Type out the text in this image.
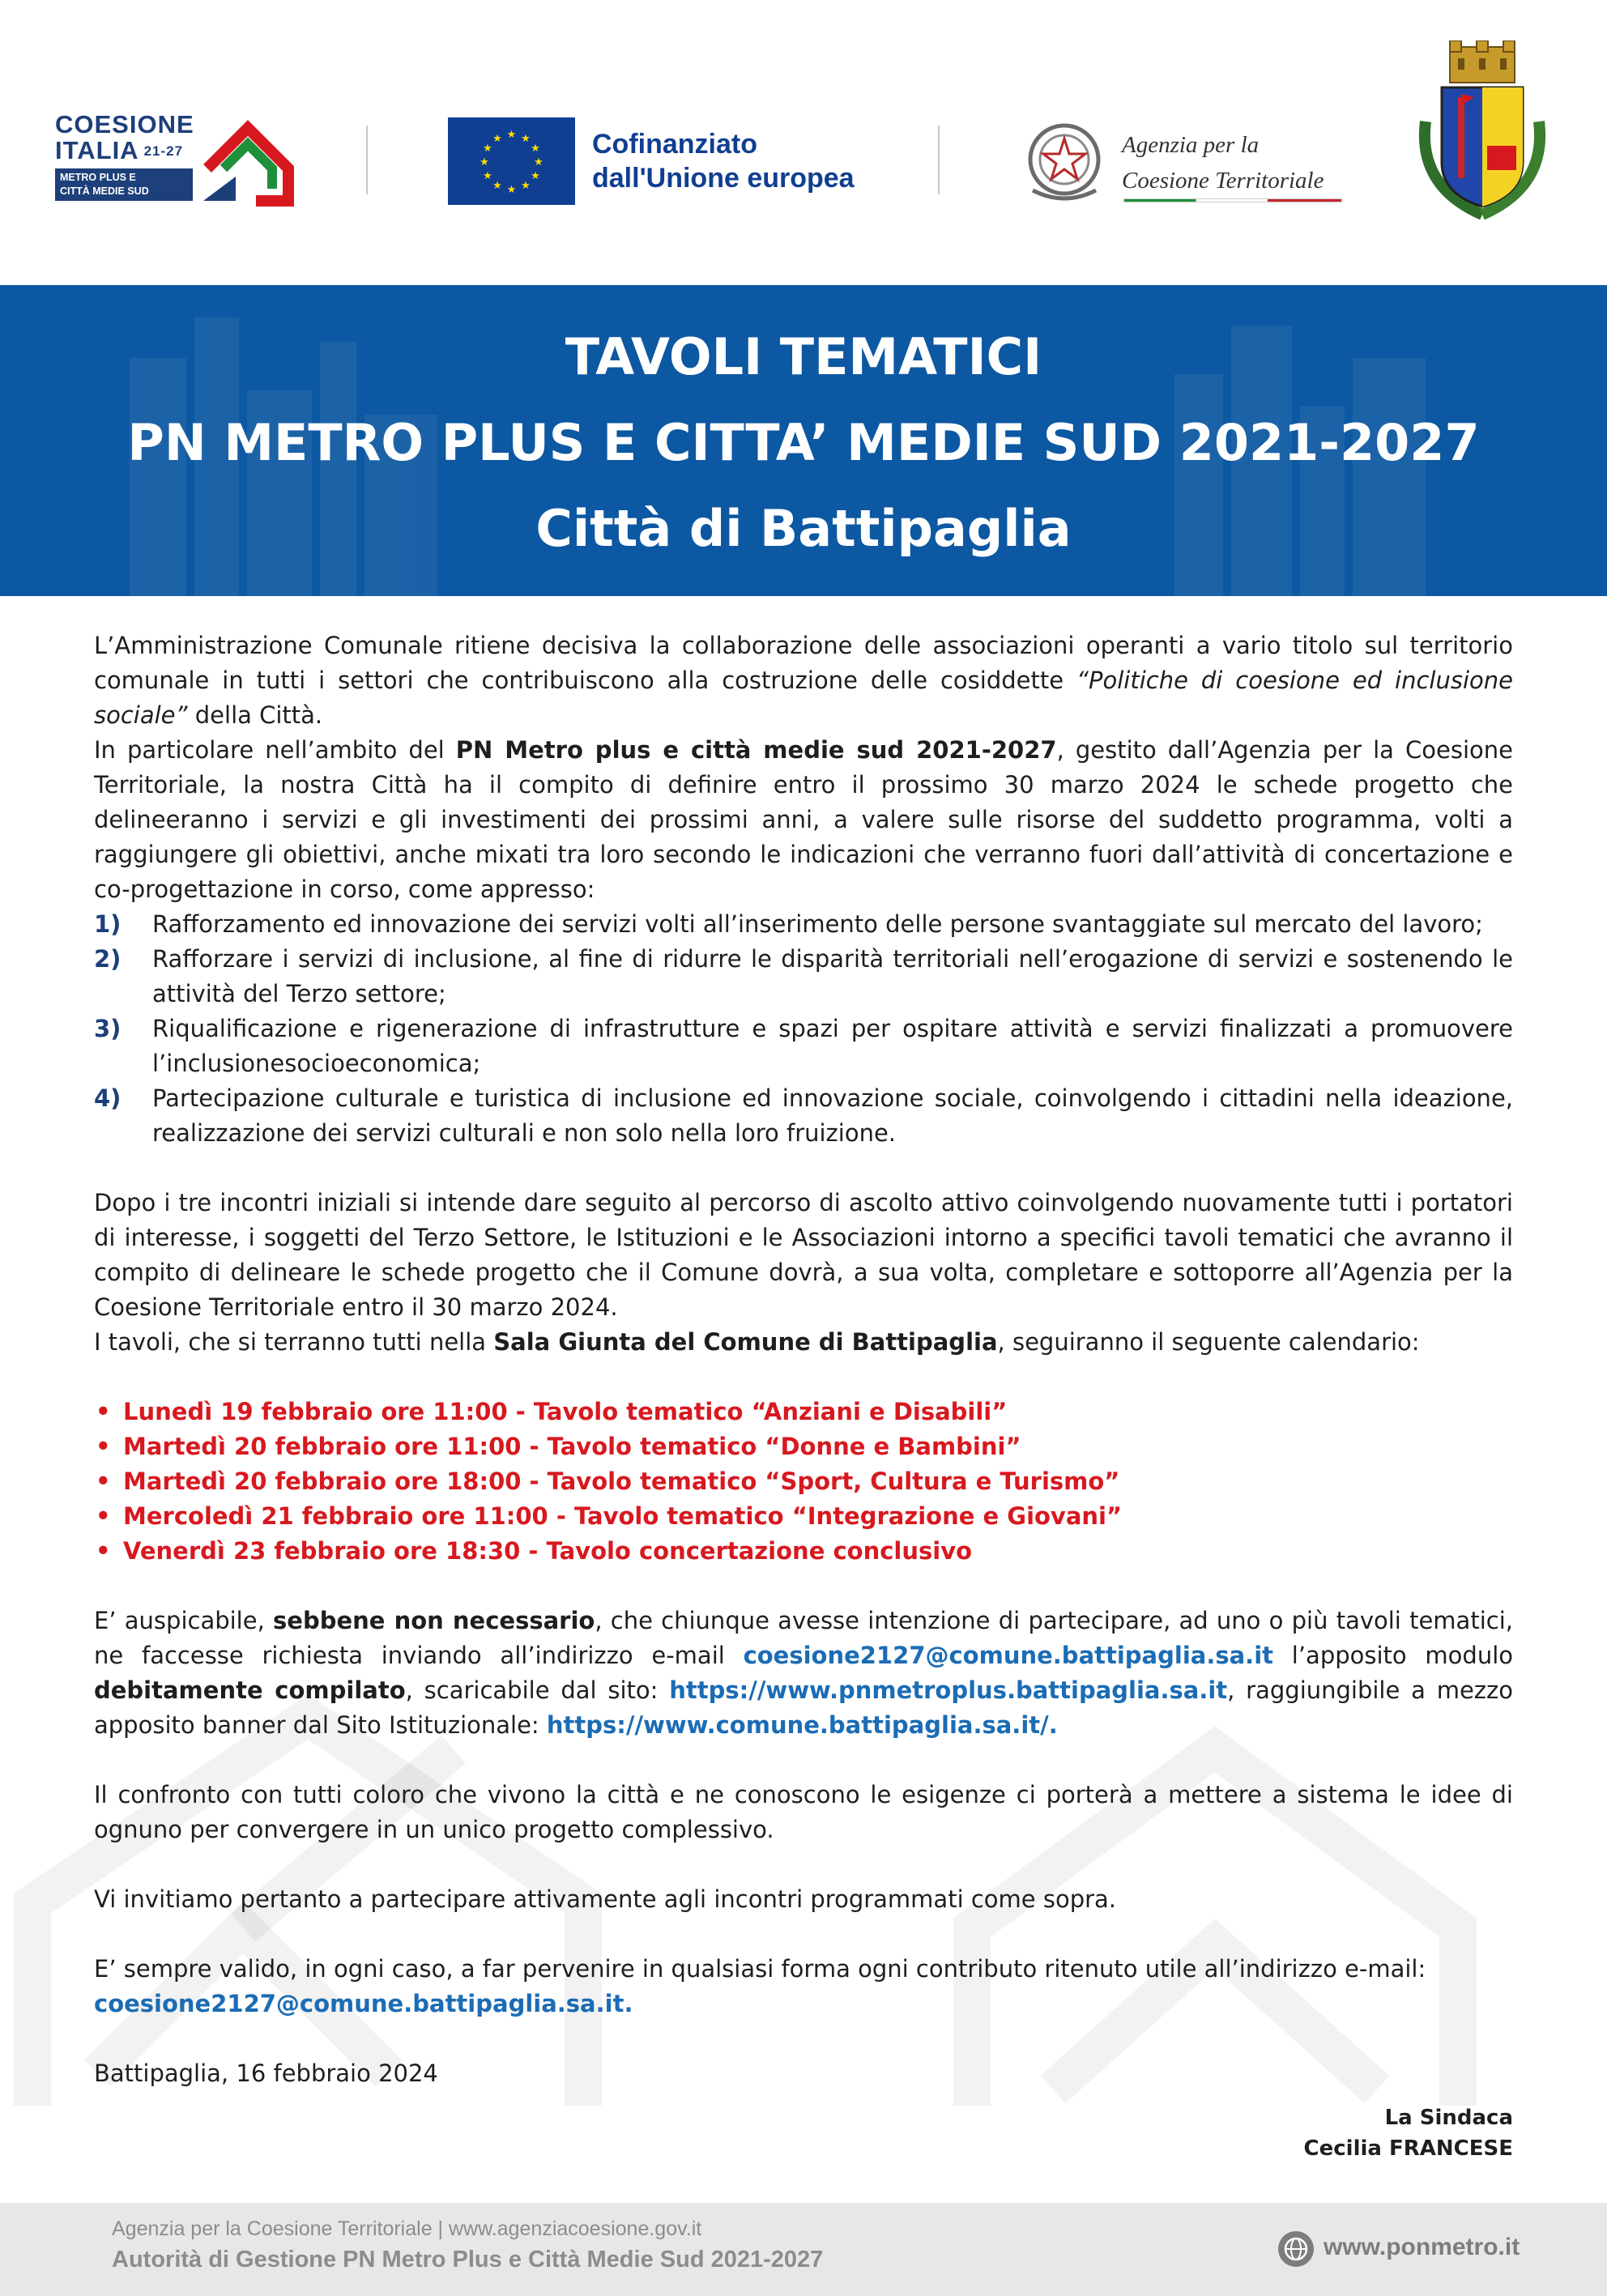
COESIONE
ITALIA 21-27
METRO PLUS E
CITTÀ MEDIE SUD
★ ★
★
★
★
★
★
★
★
★
★
★	Cofinanziato
dall'Unione europea
Agenzia per la
Coesione Territoriale
TAVOLI TEMATICI
PN METRO PLUS E CITTA’ MEDIE SUD 2021-2027
Città di Battipaglia

L’Amministrazione Comunale ritiene decisiva la collaborazione delle associazioni operanti a vario titolo sul territorio comunale in tutti i settori che contribuiscono alla costruzione delle cosiddette “Politiche di coesione ed inclusione sociale” della Città.

In particolare nell’ambito del PN Metro plus e città medie sud 2021-2027, gestito dall’Agenzia per la Coesione Territoriale, la nostra Città ha il compito di definire entro il prossimo 30 marzo 2024 le schede progetto che delineeranno i servizi e gli investimenti dei prossimi anni, a valere sulle risorse del suddetto programma, volti a raggiungere gli obiettivi, anche mixati tra loro secondo le indicazioni che verranno fuori dall’attività di concertazione e co-progettazione in corso, come appresso:

1) Rafforzamento ed innovazione dei servizi volti all’inserimento delle persone svantaggiate sul mercato del lavoro;
2) Rafforzare i servizi di inclusione, al fine di ridurre le disparità territoriali nell’erogazione di servizi e sostenendo le attività del Terzo settore;
3) Riqualificazione e rigenerazione di infrastrutture e spazi per ospitare attività e servizi finalizzati a promuovere l’inclusionesocioeconomica;
4) Partecipazione culturale e turistica di inclusione ed innovazione sociale, coinvolgendo i cittadini nella ideazione, realizzazione dei servizi culturali e non solo nella loro fruizione.

Dopo i tre incontri iniziali si intende dare seguito al percorso di ascolto attivo coinvolgendo nuovamente tutti i portatori di interesse, i soggetti del Terzo Settore, le Istituzioni e le Associazioni intorno a specifici tavoli tematici che avranno il compito di delineare le schede progetto che il Comune dovrà, a sua volta, completare e sottoporre all’Agenzia per la Coesione Territoriale entro il 30 marzo 2024.

I tavoli, che si terranno tutti nella Sala Giunta del Comune di Battipaglia, seguiranno il seguente calendario:

• Lunedì 19 febbraio ore 11:00 - Tavolo tematico “Anziani e Disabili”
• Martedì 20 febbraio ore 11:00 - Tavolo tematico “Donne e Bambini”
• Martedì 20 febbraio ore 18:00 - Tavolo tematico “Sport, Cultura e Turismo”
• Mercoledì 21 febbraio ore 11:00 - Tavolo tematico “Integrazione e Giovani”
• Venerdì 23 febbraio ore 18:30 - Tavolo concertazione conclusivo

E’ auspicabile, sebbene non necessario, che chiunque avesse intenzione di partecipare, ad uno o più tavoli tematici, ne faccesse richiesta inviando all’indirizzo e-mail coesione2127@comune.battipaglia.sa.it l’apposito modulo debitamente compilato, scaricabile dal sito: https://www.pnmetroplus.battipaglia.sa.it, raggiungibile a mezzo apposito banner dal Sito Istituzionale: https://www.comune.battipaglia.sa.it/.

Il confronto con tutti coloro che vivono la città e ne conoscono le esigenze ci porterà a mettere a sistema le idee di ognuno per convergere in un unico progetto complessivo.

Vi invitiamo pertanto a partecipare attivamente agli incontri programmati come sopra.

E’ sempre valido, in ogni caso, a far pervenire in qualsiasi forma ogni contributo ritenuto utile all’indirizzo e-mail:
coesione2127@comune.battipaglia.sa.it.

Battipaglia, 16 febbraio 2024

La Sindaca
Cecilia FRANCESE
Agenzia per la Coesione Territoriale | www.agenziacoesione.gov.it
Autorità di Gestione PN Metro Plus e Città Medie Sud 2021-2027	www.ponmetro.it
